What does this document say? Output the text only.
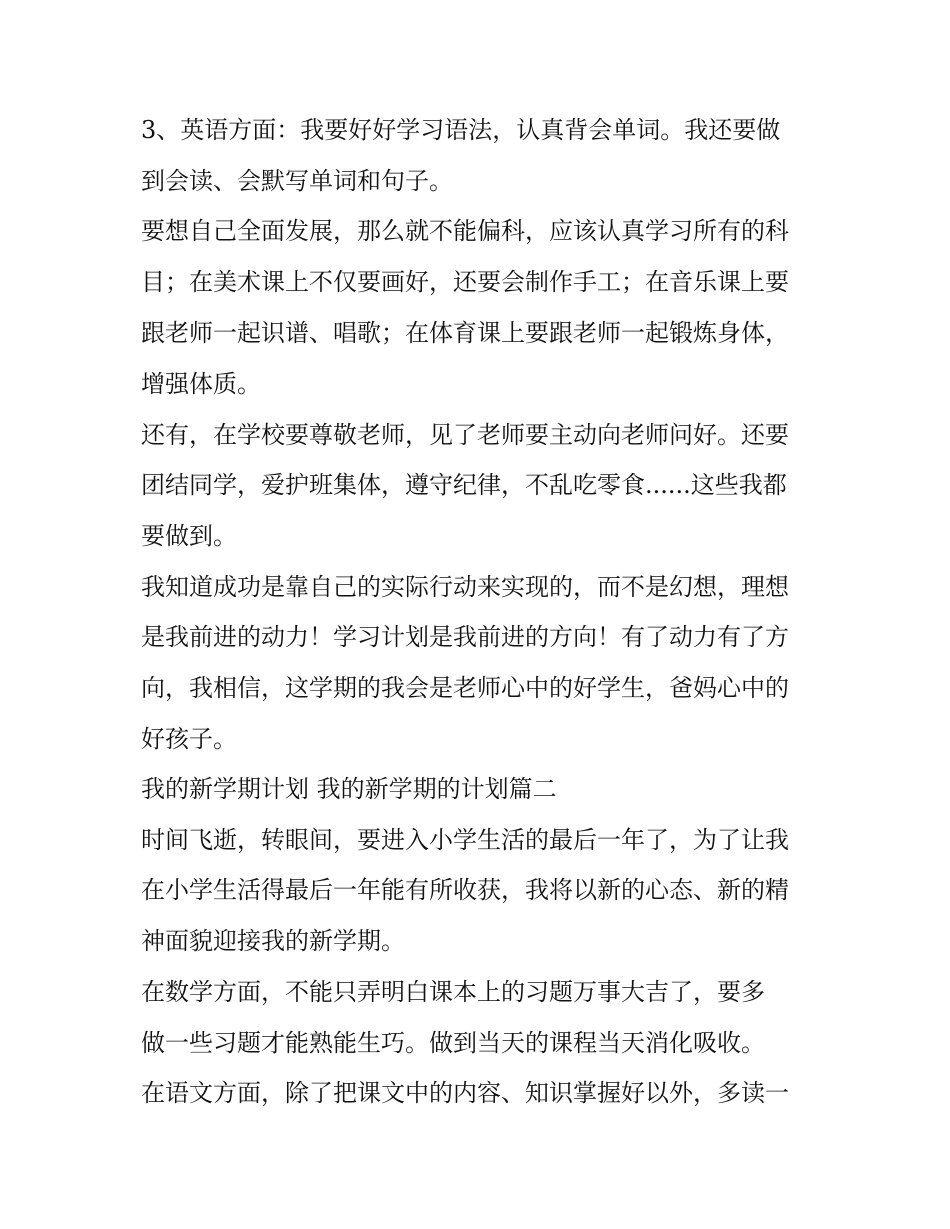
3、英语方面：我要好好学习语法，认真背会单词。我还要做
到会读、会默写单词和句子。
要想自己全面发展，那么就不能偏科，应该认真学习所有的科
目；在美术课上不仅要画好，还要会制作手工；在音乐课上要
跟老师一起识谱、唱歌；在体育课上要跟老师一起锻炼身体，
增强体质。
还有，在学校要尊敬老师，见了老师要主动向老师问好。还要
团结同学，爱护班集体，遵守纪律，不乱吃零食......这些我都
要做到。
我知道成功是靠自己的实际行动来实现的，而不是幻想，理想
是我前进的动力！学习计划是我前进的方向！有了动力有了方
向，我相信，这学期的我会是老师心中的好学生，爸妈心中的
好孩子。
我的新学期计划 我的新学期的计划篇二
时间飞逝，转眼间，要进入小学生活的最后一年了，为了让我
在小学生活得最后一年能有所收获，我将以新的心态、新的精
神面貌迎接我的新学期。
在数学方面，不能只弄明白课本上的习题万事大吉了，要多
做一些习题才能熟能生巧。做到当天的课程当天消化吸收。
在语文方面，除了把课文中的内容、知识掌握好以外，多读一
